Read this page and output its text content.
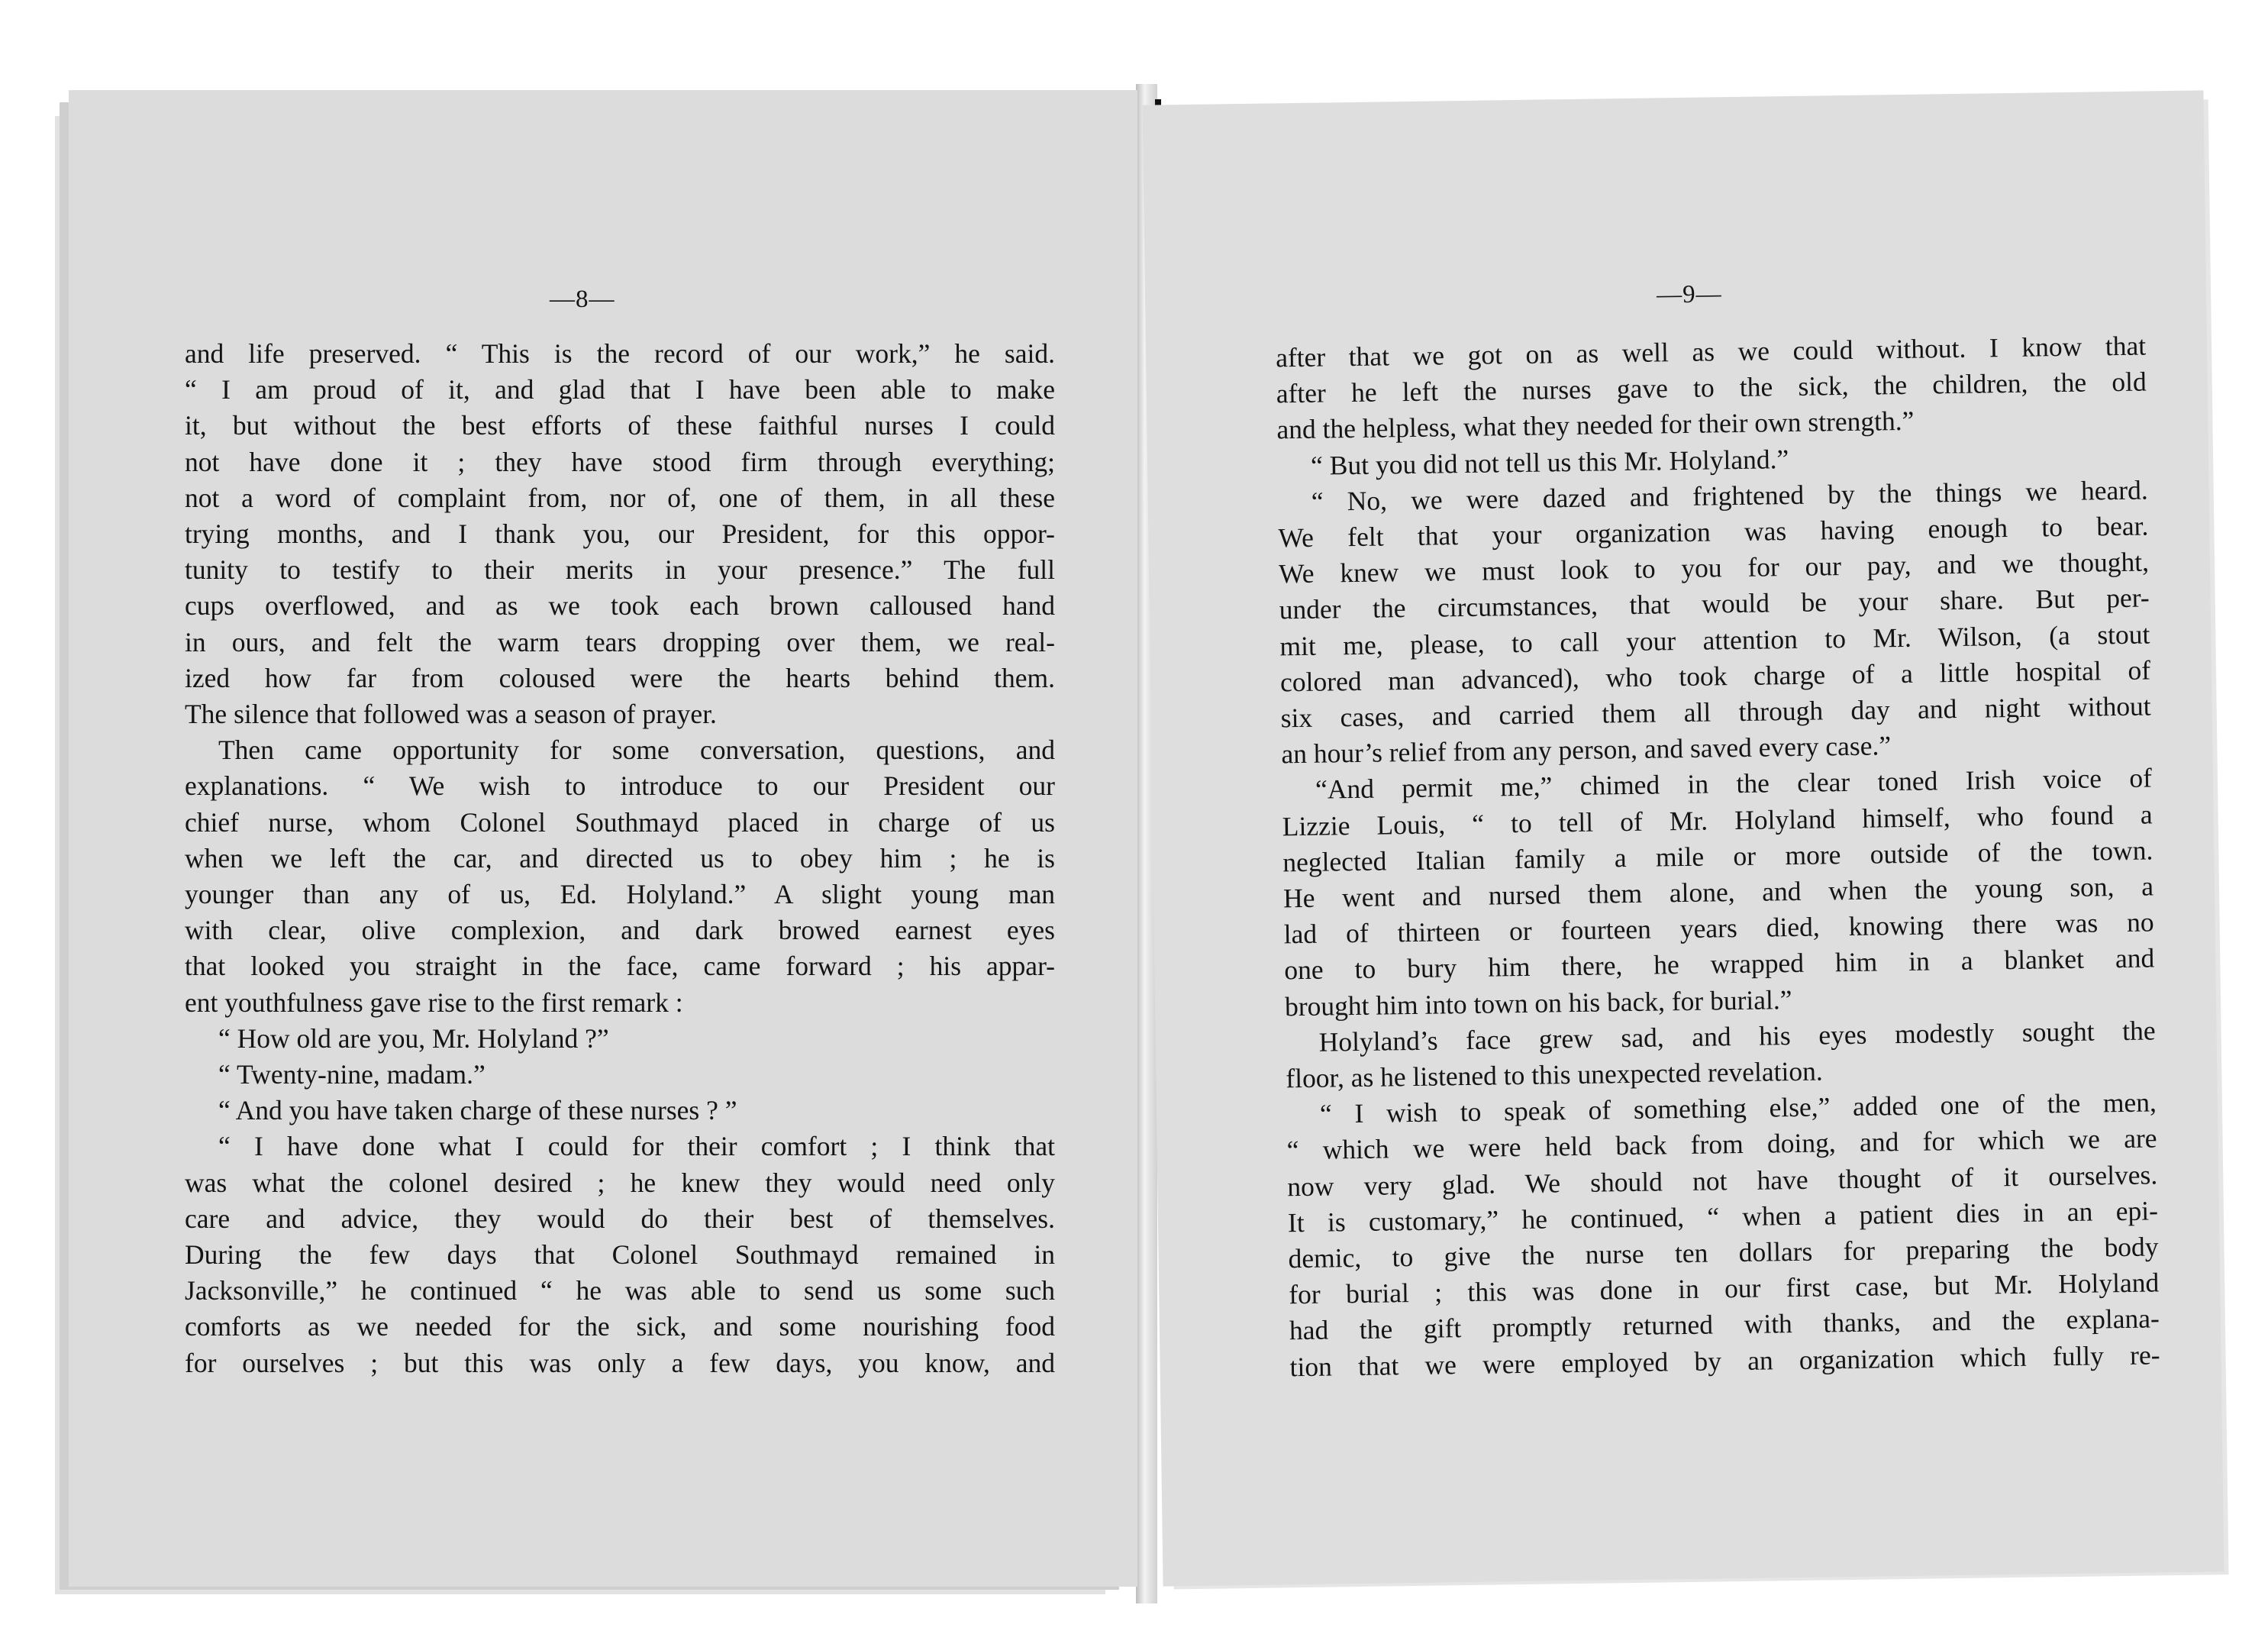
—8—
and life preserved. “ This is the record of our work,” he said.
“ I am proud of it, and glad that I have been able to make
it, but without the best efforts of these faithful nurses I could
not have done it ; they have stood firm through everything;
not a word of complaint from, nor of, one of them, in all these
trying months, and I thank you, our President, for this oppor-
tunity to testify to their merits in your presence.” The full
cups overflowed, and as we took each brown calloused hand
in ours, and felt the warm tears dropping over them, we real-
ized how far from coloused were the hearts behind them.
The silence that followed was a season of prayer.
Then came opportunity for some conversation, questions, and
explanations. “ We wish to introduce to our President our
chief nurse, whom Colonel Southmayd placed in charge of us
when we left the car, and directed us to obey him ; he is
younger than any of us, Ed. Holyland.” A slight young man
with clear, olive complexion, and dark browed earnest eyes
that looked you straight in the face, came forward ; his appar-
ent youthfulness gave rise to the first remark :
“ How old are you, Mr. Holyland ?”
“ Twenty-nine, madam.”
“ And you have taken charge of these nurses ? ”
“ I have done what I could for their comfort ; I think that
was what the colonel desired ; he knew they would need only
care and advice, they would do their best of themselves.
During the few days that Colonel Southmayd remained in
Jacksonville,” he continued “ he was able to send us some such
comforts as we needed for the sick, and some nourishing food
for ourselves ; but this was only a few days, you know, and
—9—
after that we got on as well as we could without. I know that
after he left the nurses gave to the sick, the children, the old
and the helpless, what they needed for their own strength.”
“ But you did not tell us this Mr. Holyland.”
“ No, we were dazed and frightened by the things we heard.
We felt that your organization was having enough to bear.
We knew we must look to you for our pay, and we thought,
under the circumstances, that would be your share. But per-
mit me, please, to call your attention to Mr. Wilson, (a stout
colored man advanced), who took charge of a little hospital of
six cases, and carried them all through day and night without
an hour’s relief from any person, and saved every case.”
“And permit me,” chimed in the clear toned Irish voice of
Lizzie Louis, “ to tell of Mr. Holyland himself, who found a
neglected Italian family a mile or more outside of the town.
He went and nursed them alone, and when the young son, a
lad of thirteen or fourteen years died, knowing there was no
one to bury him there, he wrapped him in a blanket and
brought him into town on his back, for burial.”
Holyland’s face grew sad, and his eyes modestly sought the
floor, as he listened to this unexpected revelation.
“ I wish to speak of something else,” added one of the men,
“ which we were held back from doing, and for which we are
now very glad. We should not have thought of it ourselves.
It is customary,” he continued, “ when a patient dies in an epi-
demic, to give the nurse ten dollars for preparing the body
for burial ; this was done in our first case, but Mr. Holyland
had the gift promptly returned with thanks, and the explana-
tion that we were employed by an organization which fully re-
